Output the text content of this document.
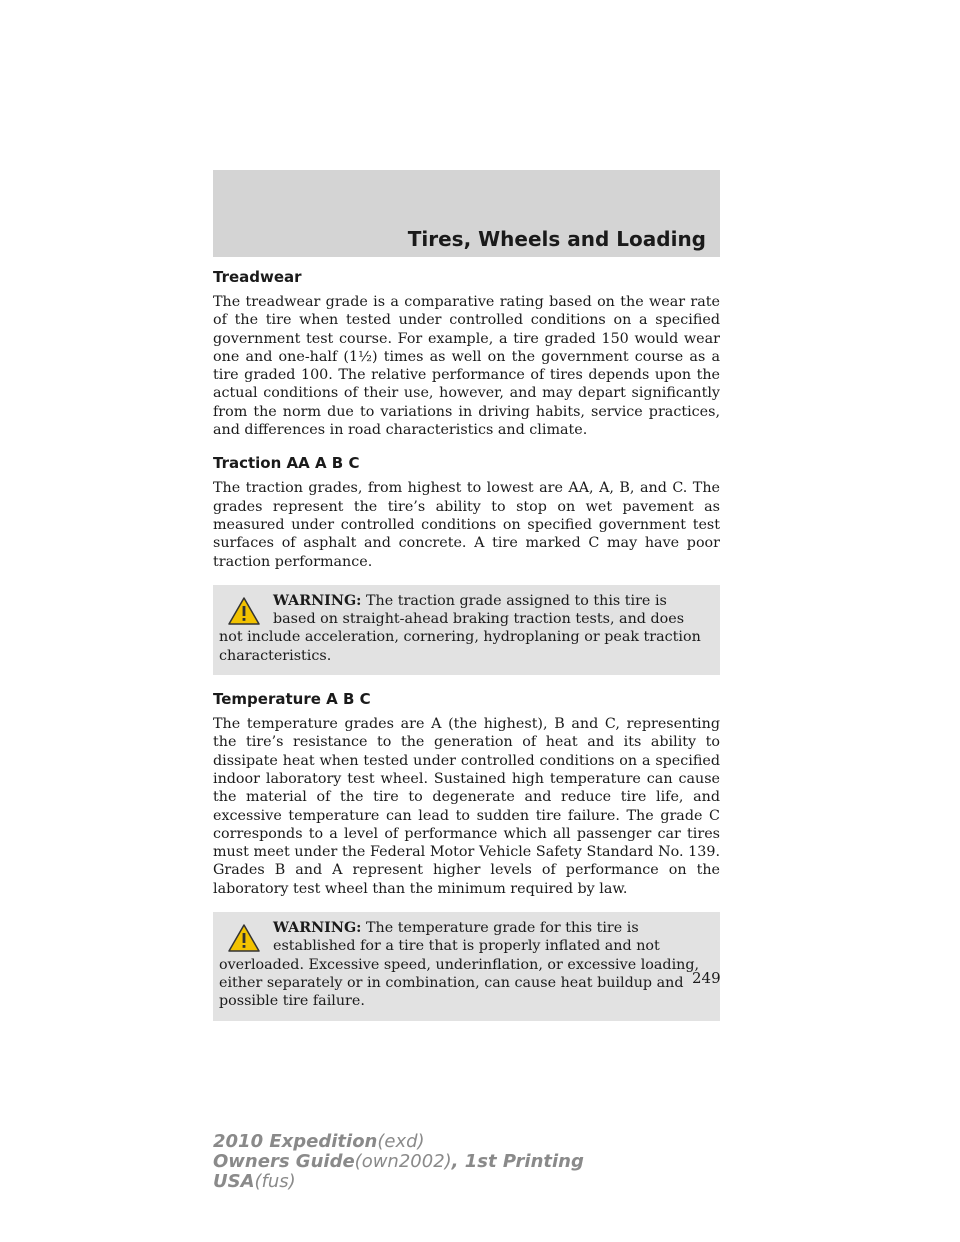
Tires, Wheels and Loading
Treadwear

The treadwear grade is a comparative rating based on the wear rate of the tire when tested under controlled conditions on a specified government test course. For example, a tire graded 150 would wear one and one-half (1½) times as well on the government course as a tire graded 100. The relative performance of tires depends upon the actual conditions of their use, however, and may depart significantly from the norm due to variations in driving habits, service practices, and differences in road characteristics and climate.

Traction AA A B C

The traction grades, from highest to lowest are AA, A, B, and C. The grades represent the tire’s ability to stop on wet pavement as measured under controlled conditions on specified government test surfaces of asphalt and concrete. A tire marked C may have poor traction performance.

WARNING: The traction grade assigned to this tire is based on straight-ahead braking traction tests, and does not include acceleration, cornering, hydroplaning or peak traction characteristics.
Temperature A B C

The temperature grades are A (the highest), B and C, representing the tire’s resistance to the generation of heat and its ability to dissipate heat when tested under controlled conditions on a specified indoor laboratory test wheel. Sustained high temperature can cause the material of the tire to degenerate and reduce tire life, and excessive temperature can lead to sudden tire failure. The grade C corresponds to a level of performance which all passenger car tires must meet under the Federal Motor Vehicle Safety Standard No. 139. Grades B and A represent higher levels of performance on the laboratory test wheel than the minimum required by law.

WARNING: The temperature grade for this tire is established for a tire that is properly inflated and not overloaded. Excessive speed, underinflation, or excessive loading, either separately or in combination, can cause heat buildup and possible tire failure.
249
2010 Expedition(exd)
Owners Guide(own2002), 1st Printing
USA(fus)
